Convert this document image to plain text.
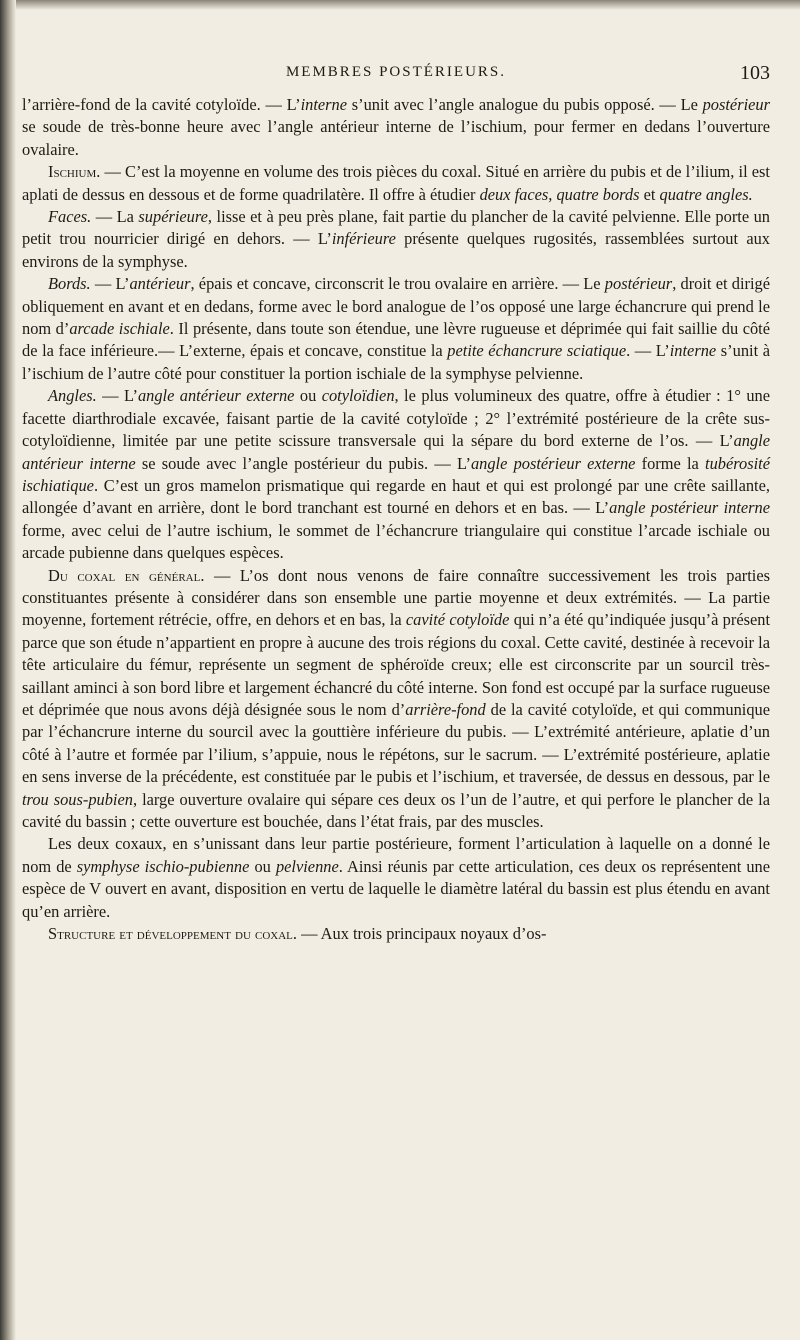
MEMBRES POSTÉRIEURS.	103

l’arrière-fond de la cavité cotyloïde. — L’interne s’unit avec l’angle analogue du pubis opposé. — Le postérieur se soude de très-bonne heure avec l’angle antérieur interne de l’ischium, pour fermer en dedans l’ouverture ovalaire.

Ischium. — C’est la moyenne en volume des trois pièces du coxal. Situé en arrière du pubis et de l’ilium, il est aplati de dessus en dessous et de forme quadrilatère. Il offre à étudier deux faces, quatre bords et quatre angles.

Faces. — La supérieure, lisse et à peu près plane, fait partie du plancher de la cavité pelvienne. Elle porte un petit trou nourricier dirigé en dehors. — L’inférieure présente quelques rugosités, rassemblées surtout aux environs de la symphyse.

Bords. — L’antérieur, épais et concave, circonscrit le trou ovalaire en arrière. — Le postérieur, droit et dirigé obliquement en avant et en dedans, forme avec le bord analogue de l’os opposé une large échancrure qui prend le nom d’arcade ischiale. Il présente, dans toute son étendue, une lèvre rugueuse et déprimée qui fait saillie du côté de la face inférieure.— L’externe, épais et concave, constitue la petite échancrure sciatique. — L’interne s’unit à l’ischium de l’autre côté pour constituer la portion ischiale de la symphyse pelvienne.

Angles. — L’angle antérieur externe ou cotyloïdien, le plus volumineux des quatre, offre à étudier : 1° une facette diarthrodiale excavée, faisant partie de la cavité cotyloïde ; 2° l’extrémité postérieure de la crête sus-cotyloïdienne, limitée par une petite scissure transversale qui la sépare du bord externe de l’os. — L’angle antérieur interne se soude avec l’angle postérieur du pubis. — L’angle postérieur externe forme la tubérosité ischiatique. C’est un gros mamelon prismatique qui regarde en haut et qui est prolongé par une crête saillante, allongée d’avant en arrière, dont le bord tranchant est tourné en dehors et en bas. — L’angle postérieur interne forme, avec celui de l’autre ischium, le sommet de l’échancrure triangulaire qui constitue l’arcade ischiale ou arcade pubienne dans quelques espèces.

Du coxal en général. — L’os dont nous venons de faire connaître successivement les trois parties constituantes présente à considérer dans son ensemble une partie moyenne et deux extrémités. — La partie moyenne, fortement rétrécie, offre, en dehors et en bas, la cavité cotyloïde qui n’a été qu’indiquée jusqu’à présent parce que son étude n’appartient en propre à aucune des trois régions du coxal. Cette cavité, destinée à recevoir la tête articulaire du fémur, représente un segment de sphéroïde creux; elle est circonscrite par un sourcil très-saillant aminci à son bord libre et largement échancré du côté interne. Son fond est occupé par la surface rugueuse et déprimée que nous avons déjà désignée sous le nom d’arrière-fond de la cavité cotyloïde, et qui communique par l’échancrure interne du sourcil avec la gouttière inférieure du pubis. — L’extrémité antérieure, aplatie d’un côté à l’autre et formée par l’ilium, s’appuie, nous le répétons, sur le sacrum. — L’extrémité postérieure, aplatie en sens inverse de la précédente, est constituée par le pubis et l’ischium, et traversée, de dessus en dessous, par le trou sous-pubien, large ouverture ovalaire qui sépare ces deux os l’un de l’autre, et qui perfore le plancher de la cavité du bassin ; cette ouverture est bouchée, dans l’état frais, par des muscles.

Les deux coxaux, en s’unissant dans leur partie postérieure, forment l’articulation à laquelle on a donné le nom de symphyse ischio-pubienne ou pelvienne. Ainsi réunis par cette articulation, ces deux os représentent une espèce de V ouvert en avant, disposition en vertu de laquelle le diamètre latéral du bassin est plus étendu en avant qu’en arrière.

Structure et développement du coxal. — Aux trois principaux noyaux d’os-
